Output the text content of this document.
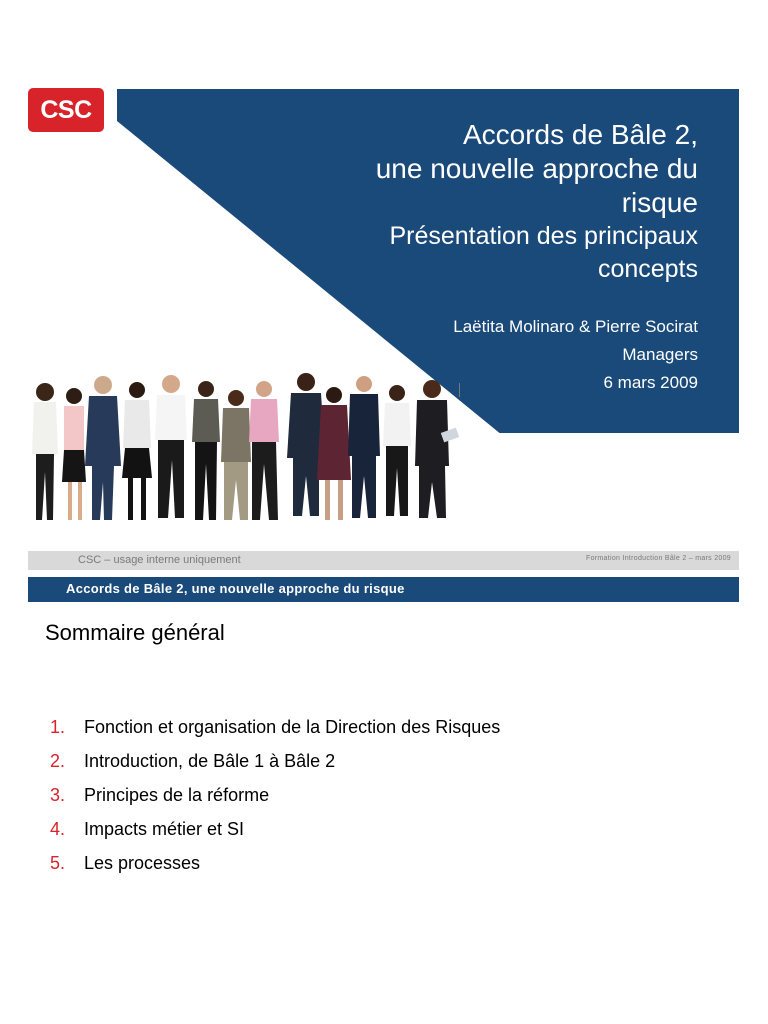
CSC
Accords de Bâle 2,
une nouvelle approche du
risque
Présentation des principaux
concepts
Laëtita Molinaro & Pierre Socirat
Managers
6 mars 2009
CSC – usage interne uniquement	Formation Introduction Bâle 2 – mars 2009
Accords de Bâle 2, une nouvelle approche du risque
Sommaire général
1. Fonction et organisation de la Direction des Risques
2. Introduction, de Bâle 1 à Bâle 2
3. Principes de la réforme
4. Impacts métier et SI
5. Les processes
